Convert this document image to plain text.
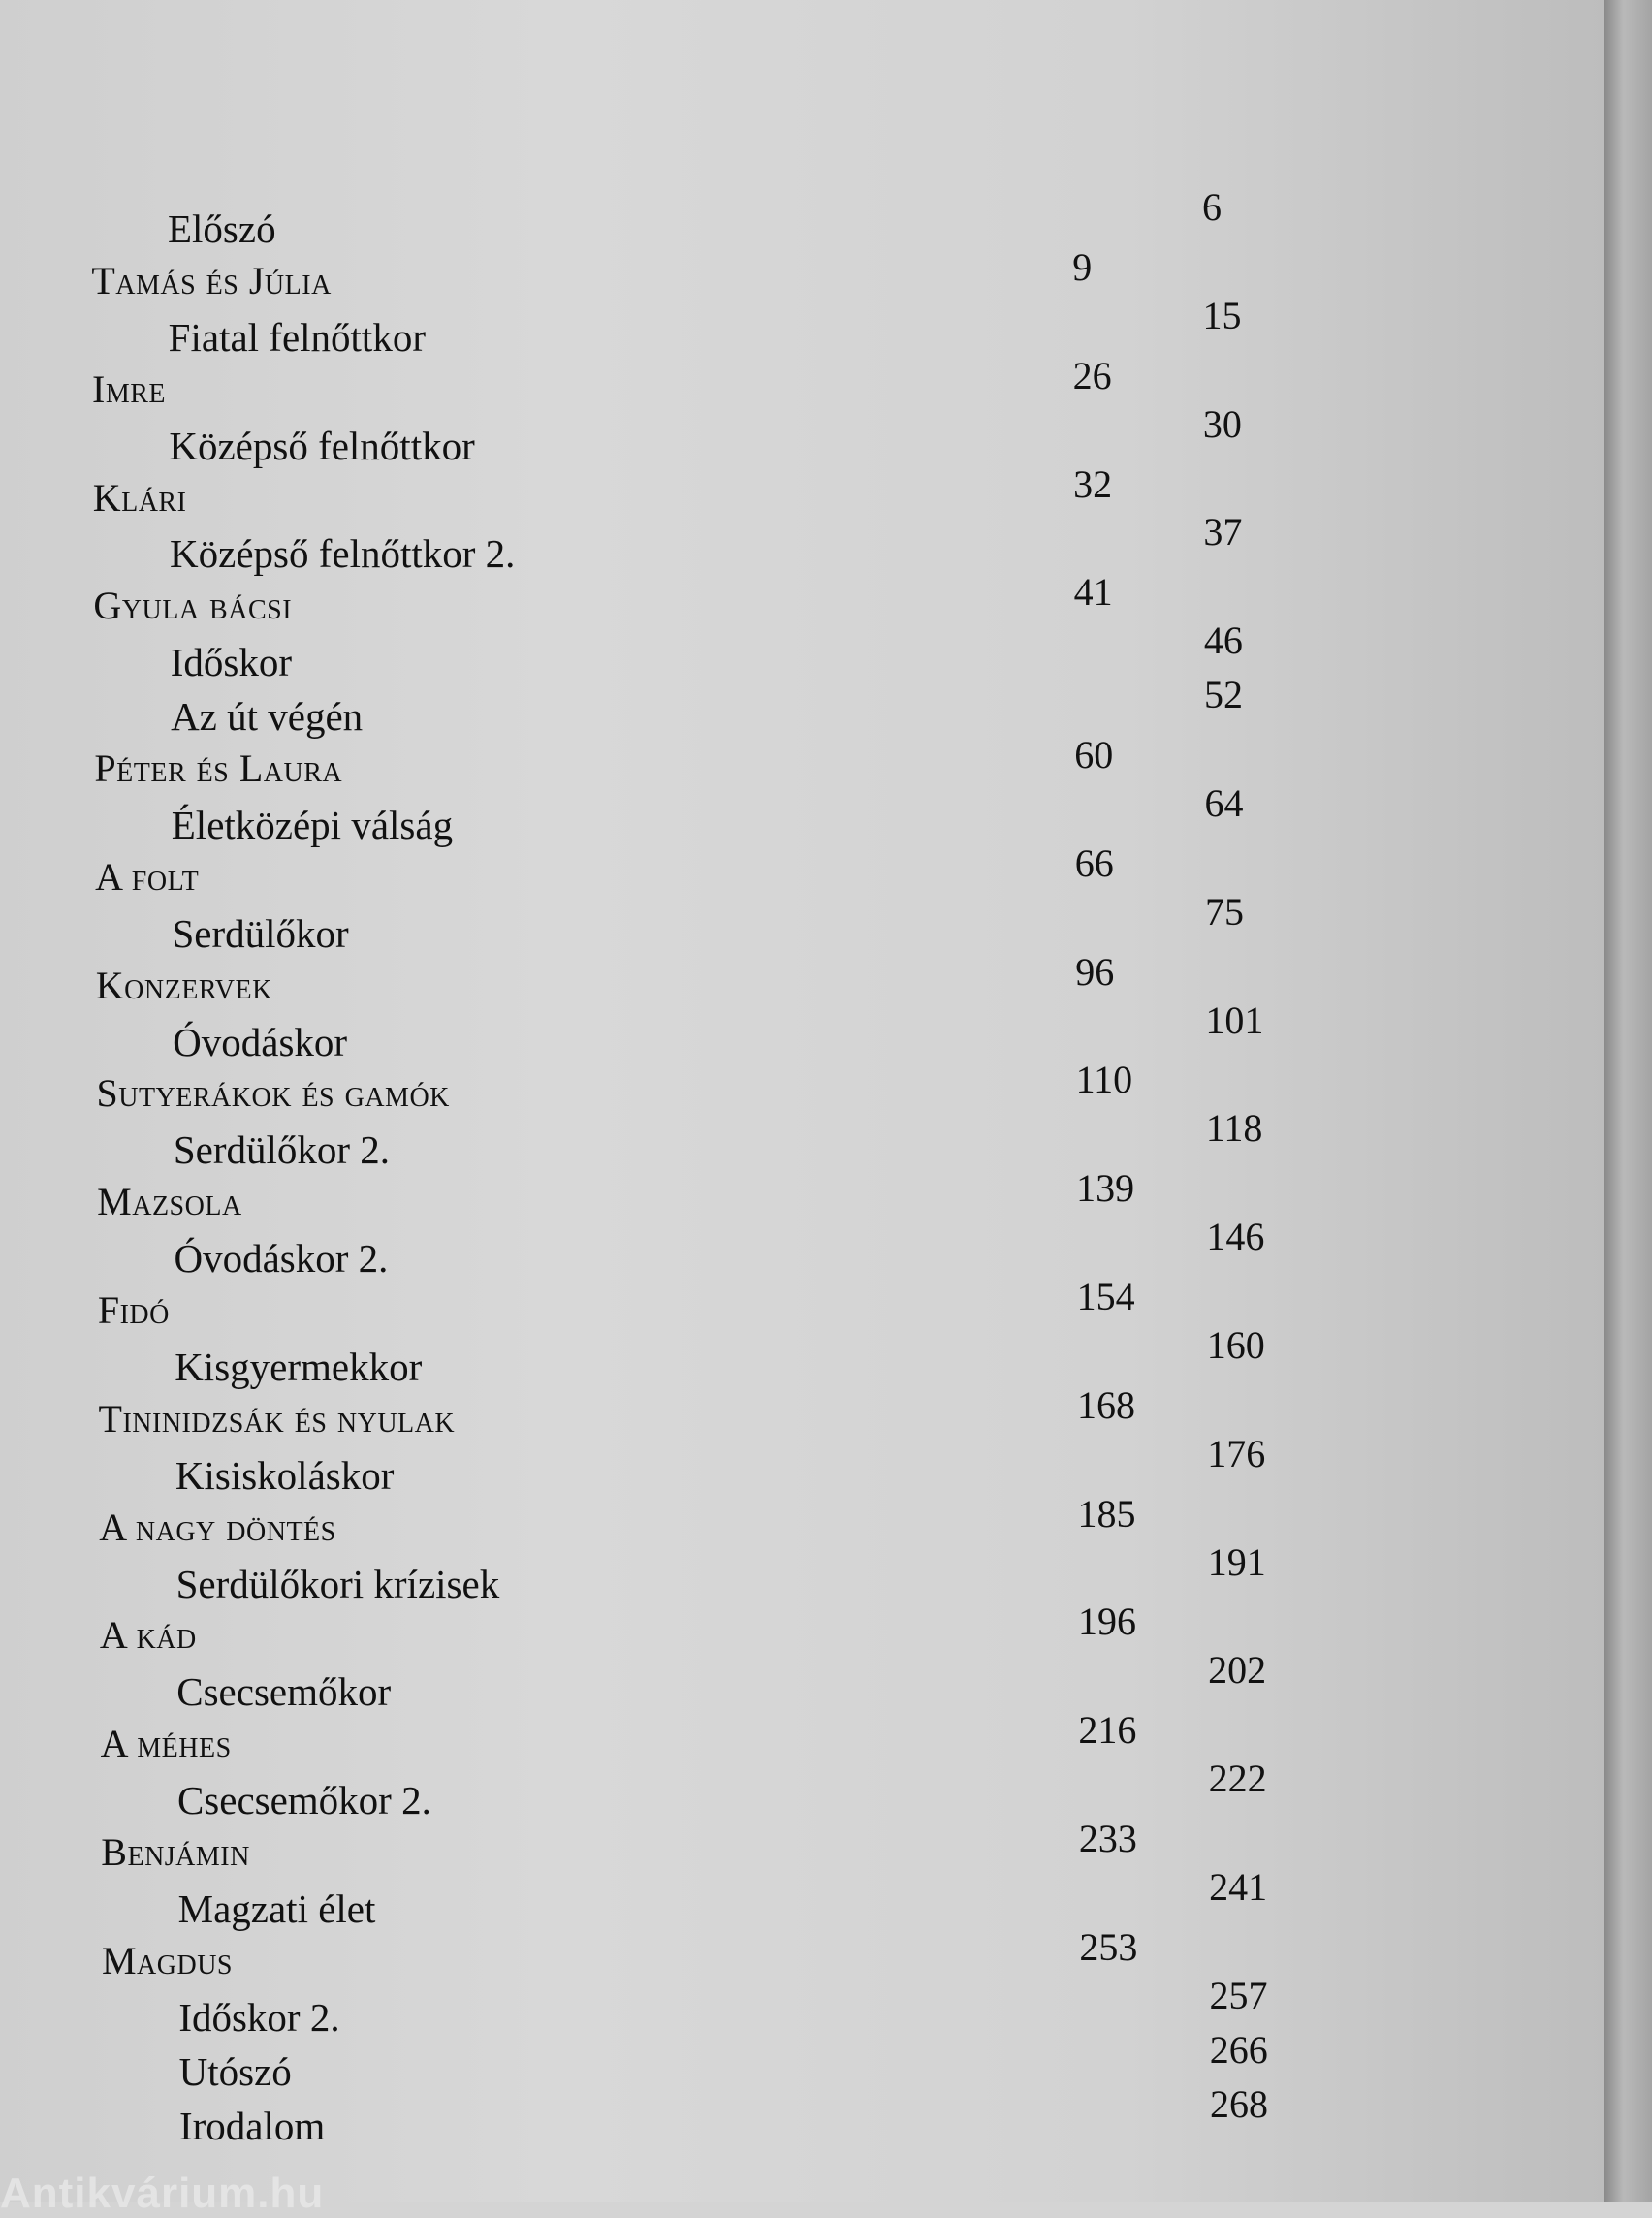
Előszó	6
Tamás és Júlia	9
Fiatal felnőttkor	15
Imre	26
Középső felnőttkor	30
Klári	32
Középső felnőttkor 2.	37
Gyula bácsi	41
Időskor	46
Az út végén	52
Péter és Laura	60
Életközépi válság	64
A folt	66
Serdülőkor	75
Konzervek	96
Óvodáskor	101
Sutyerákok és gamók	110
Serdülőkor 2.	118
Mazsola	139
Óvodáskor 2.	146
Fidó	154
Kisgyermekkor	160
Tininidzsák és nyulak	168
Kisiskoláskor	176
A nagy döntés	185
Serdülőkori krízisek	191
A kád	196
Csecsemőkor	202
A méhes	216
Csecsemőkor 2.	222
Benjámin	233
Magzati élet	241
Magdus	253
Időskor 2.	257
Utószó	266
Irodalom	268
Antikvárium.hu
